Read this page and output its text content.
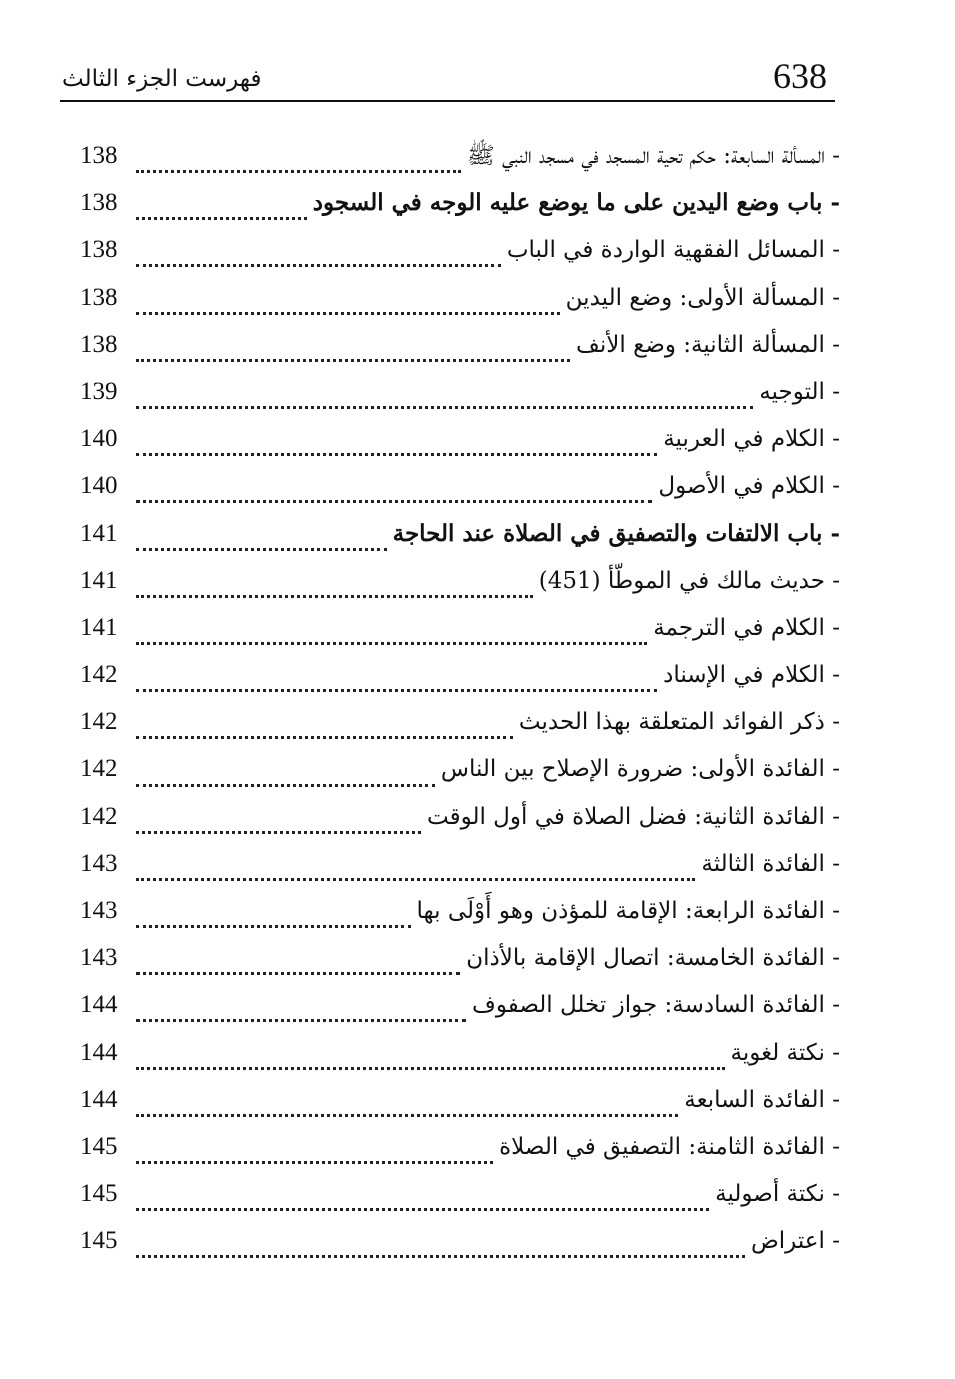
638
فهرست الجزء الثالث
- المسألة السابعة: حكم تحية المسجد في مسجد النبي ﷺ
138
- باب وضع اليدين على ما يوضع عليه الوجه في السجود
138
- المسائل الفقهية الواردة في الباب
138
- المسألة الأولى: وضع اليدين
138
- المسألة الثانية: وضع الأنف
138
- التوجيه
139
- الكلام في العربية
140
- الكلام في الأصول
140
- باب الالتفات والتصفيق في الصلاة عند الحاجة
141
- حديث مالك في الموطّأ (451)
141
- الكلام في الترجمة
141
- الكلام في الإسناد
142
- ذكر الفوائد المتعلقة بهذا الحديث
142
- الفائدة الأولى: ضرورة الإصلاح بين الناس
142
- الفائدة الثانية: فضل الصلاة في أول الوقت
142
- الفائدة الثالثة
143
- الفائدة الرابعة: الإقامة للمؤذن وهو أَوْلَى بها
143
- الفائدة الخامسة: اتصال الإقامة بالأذان
143
- الفائدة السادسة: جواز تخلل الصفوف
144
- نكتة لغوية
144
- الفائدة السابعة
144
- الفائدة الثامنة: التصفيق في الصلاة
145
- نكتة أصولية
145
- اعتراض
145
